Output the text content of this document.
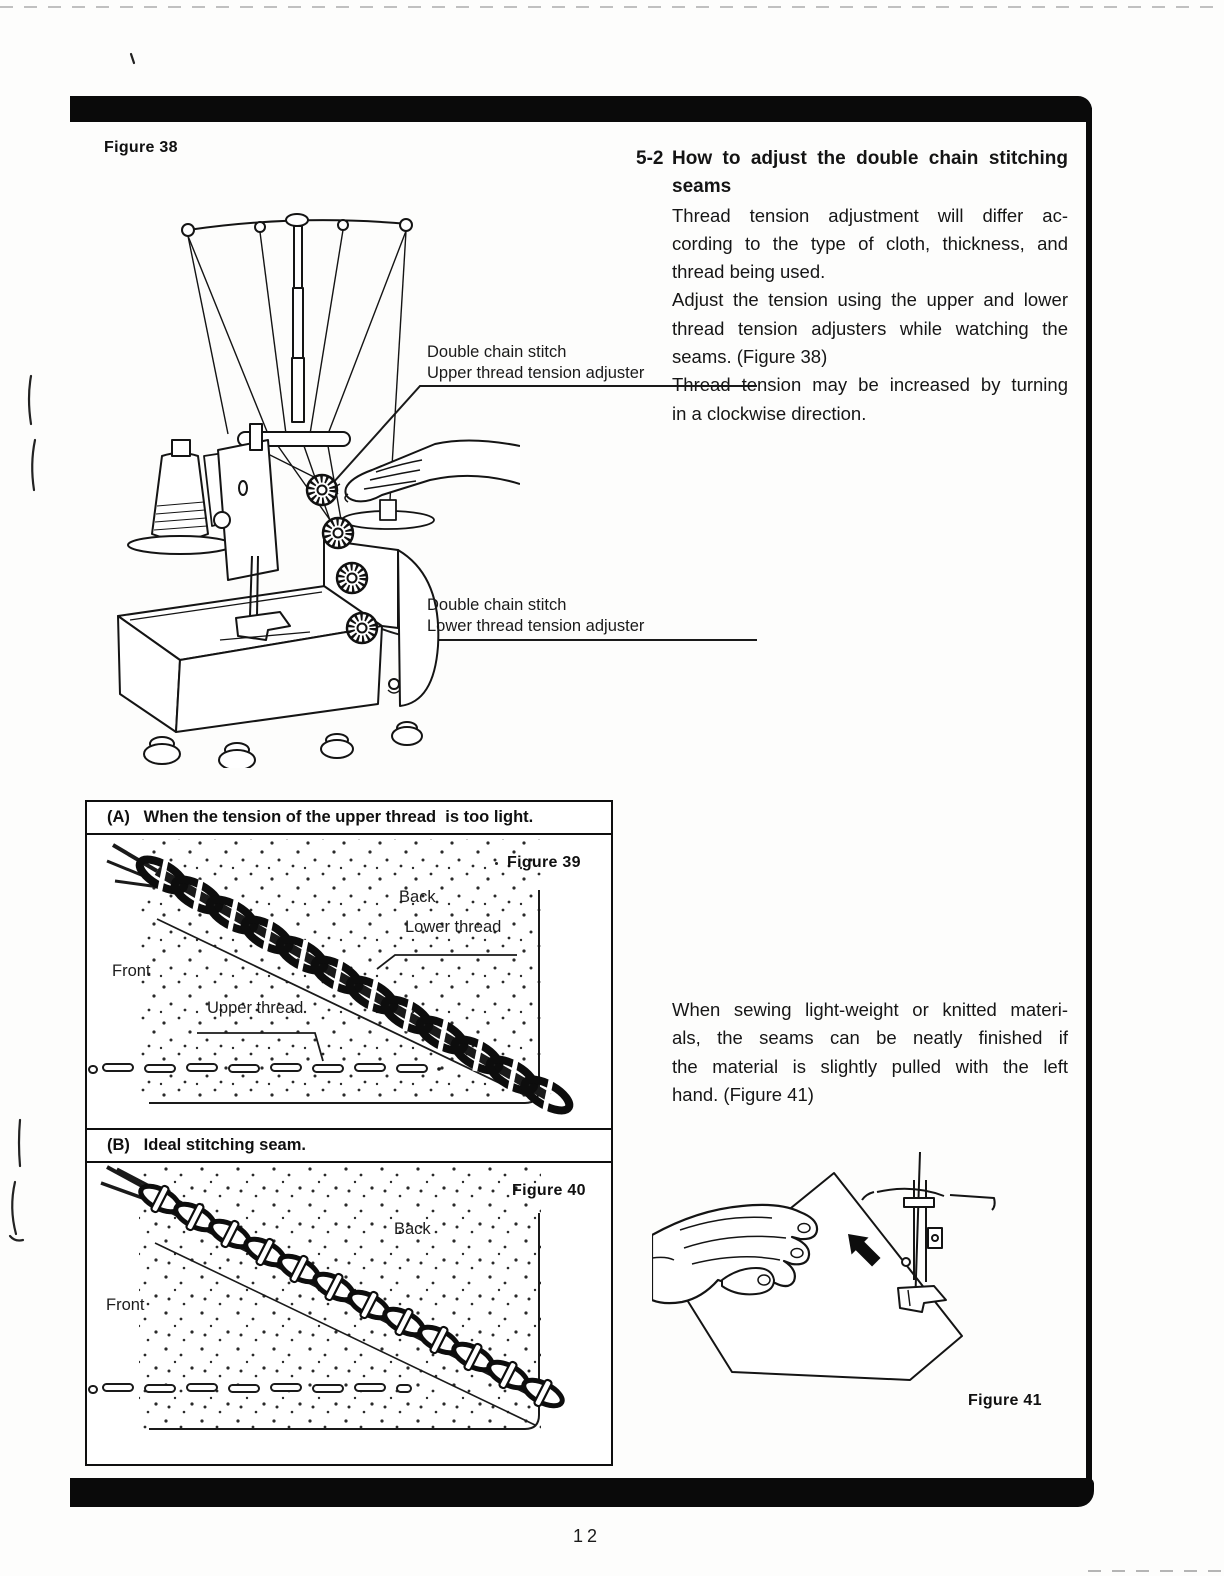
Figure 38
Double chain stitch
Upper thread tension adjuster
Double chain stitch
Lower thread tension adjuster
5-2 How to adjust the double chain stitching
seams
Thread tension adjustment will differ ac-
cording to the type of cloth, thickness, and
thread being used.
Adjust the tension using the upper and lower
thread tension adjusters while watching the
seams. (Figure 38)
Thread tension may be increased by turning
in a clockwise direction.
When sewing light-weight or knitted materi-
als, the seams can be neatly finished if
the material is slightly pulled with the left
hand. (Figure 41)
(A)   When the tension of the upper thread  is too light.
Figure 39
Back
Lower thread
Front
Upper thread
(B)   Ideal stitching seam.
Figure 40
Back
Front
Figure 41
12
